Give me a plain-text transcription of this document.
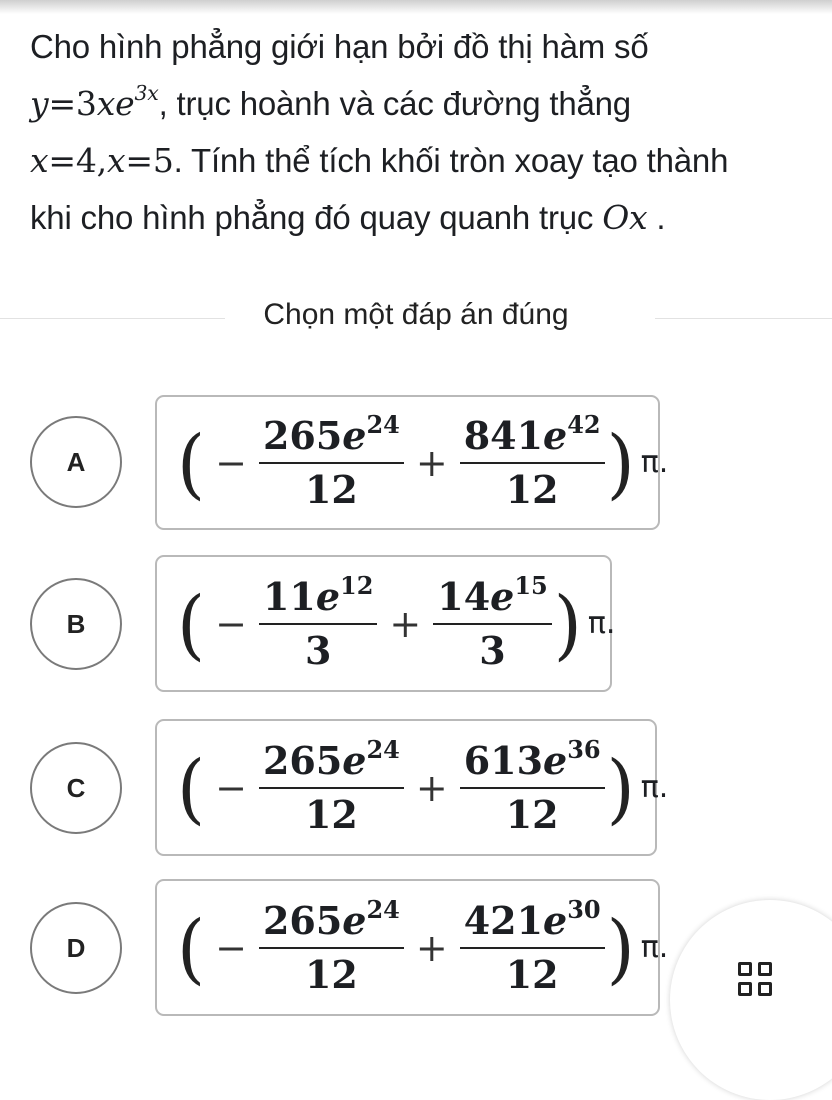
Cho hình phẳng giới hạn bởi đồ thị hàm số
$y=3xe^{3x}$, trục hoành và các đường thẳng
x=4,x=5. Tính thể tích khối tròn xoay tạo thành
khi cho hình phẳng đó quay quanh trục Ox .
Chọn một đáp án đúng
A ( − $\frac{265e^{24}}{12} + \frac{841e^{42}}{12}$ ) π.
B ( − $\frac{11e^{12}}{3} + \frac{14e^{15}}{3}$ ) π.
C ( − $\frac{265e^{24}}{12} + \frac{613e^{36}}{12}$ ) π.
D ( − $\frac{265e^{24}}{12} + \frac{421e^{30}}{12}$ ) π.
